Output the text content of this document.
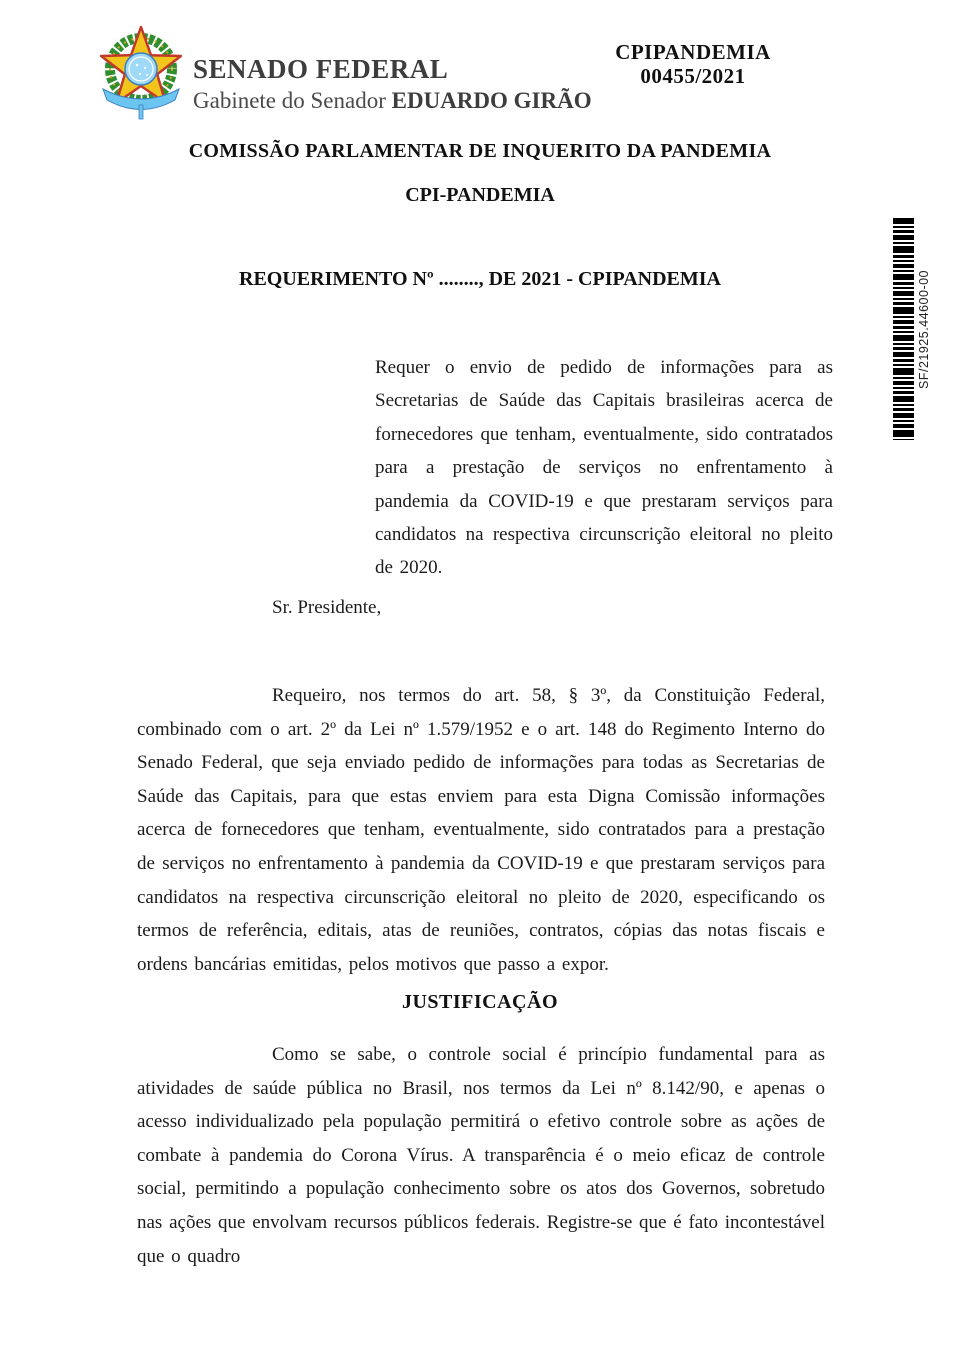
SENADO FEDERAL
Gabinete do Senador EDUARDO GIRÃO
CPIPANDEMIA
00455/2021
SF/21925.44600-00
COMISSÃO PARLAMENTAR DE INQUERITO DA PANDEMIA
CPI-PANDEMIA
REQUERIMENTO Nº ........, DE 2021 - CPIPANDEMIA
Requer o envio de pedido de informações para as Secretarias de Saúde das Capitais brasileiras acerca de fornecedores que tenham, eventualmente, sido contratados para a prestação de serviços no enfrentamento à pandemia da COVID-19 e que prestaram serviços para candidatos na respectiva circunscrição eleitoral no pleito de 2020.
Sr. Presidente,
Requeiro, nos termos do art. 58, § 3º, da Constituição Federal, combinado com o art. 2º da Lei nº 1.579/1952 e o art. 148 do Regimento Interno do Senado Federal, que seja enviado pedido de informações para todas as Secretarias de Saúde das Capitais, para que estas enviem para esta Digna Comissão informações acerca de fornecedores que tenham, eventualmente, sido contratados para a prestação de serviços no enfrentamento à pandemia da COVID-19 e que prestaram serviços para candidatos na respectiva circunscrição eleitoral no pleito de 2020, especificando os termos de referência, editais, atas de reuniões, contratos, cópias das notas fiscais e ordens bancárias emitidas, pelos motivos que passo a expor.
JUSTIFICAÇÃO
Como se sabe, o controle social é princípio fundamental para as atividades de saúde pública no Brasil, nos termos da Lei nº 8.142/90, e apenas o acesso individualizado pela população permitirá o efetivo controle sobre as ações de combate à pandemia do Corona Vírus. A transparência é o meio eficaz de controle social, permitindo a população conhecimento sobre os atos dos Governos, sobretudo nas ações que envolvam recursos públicos federais. Registre-se que é fato incontestável que o quadro
